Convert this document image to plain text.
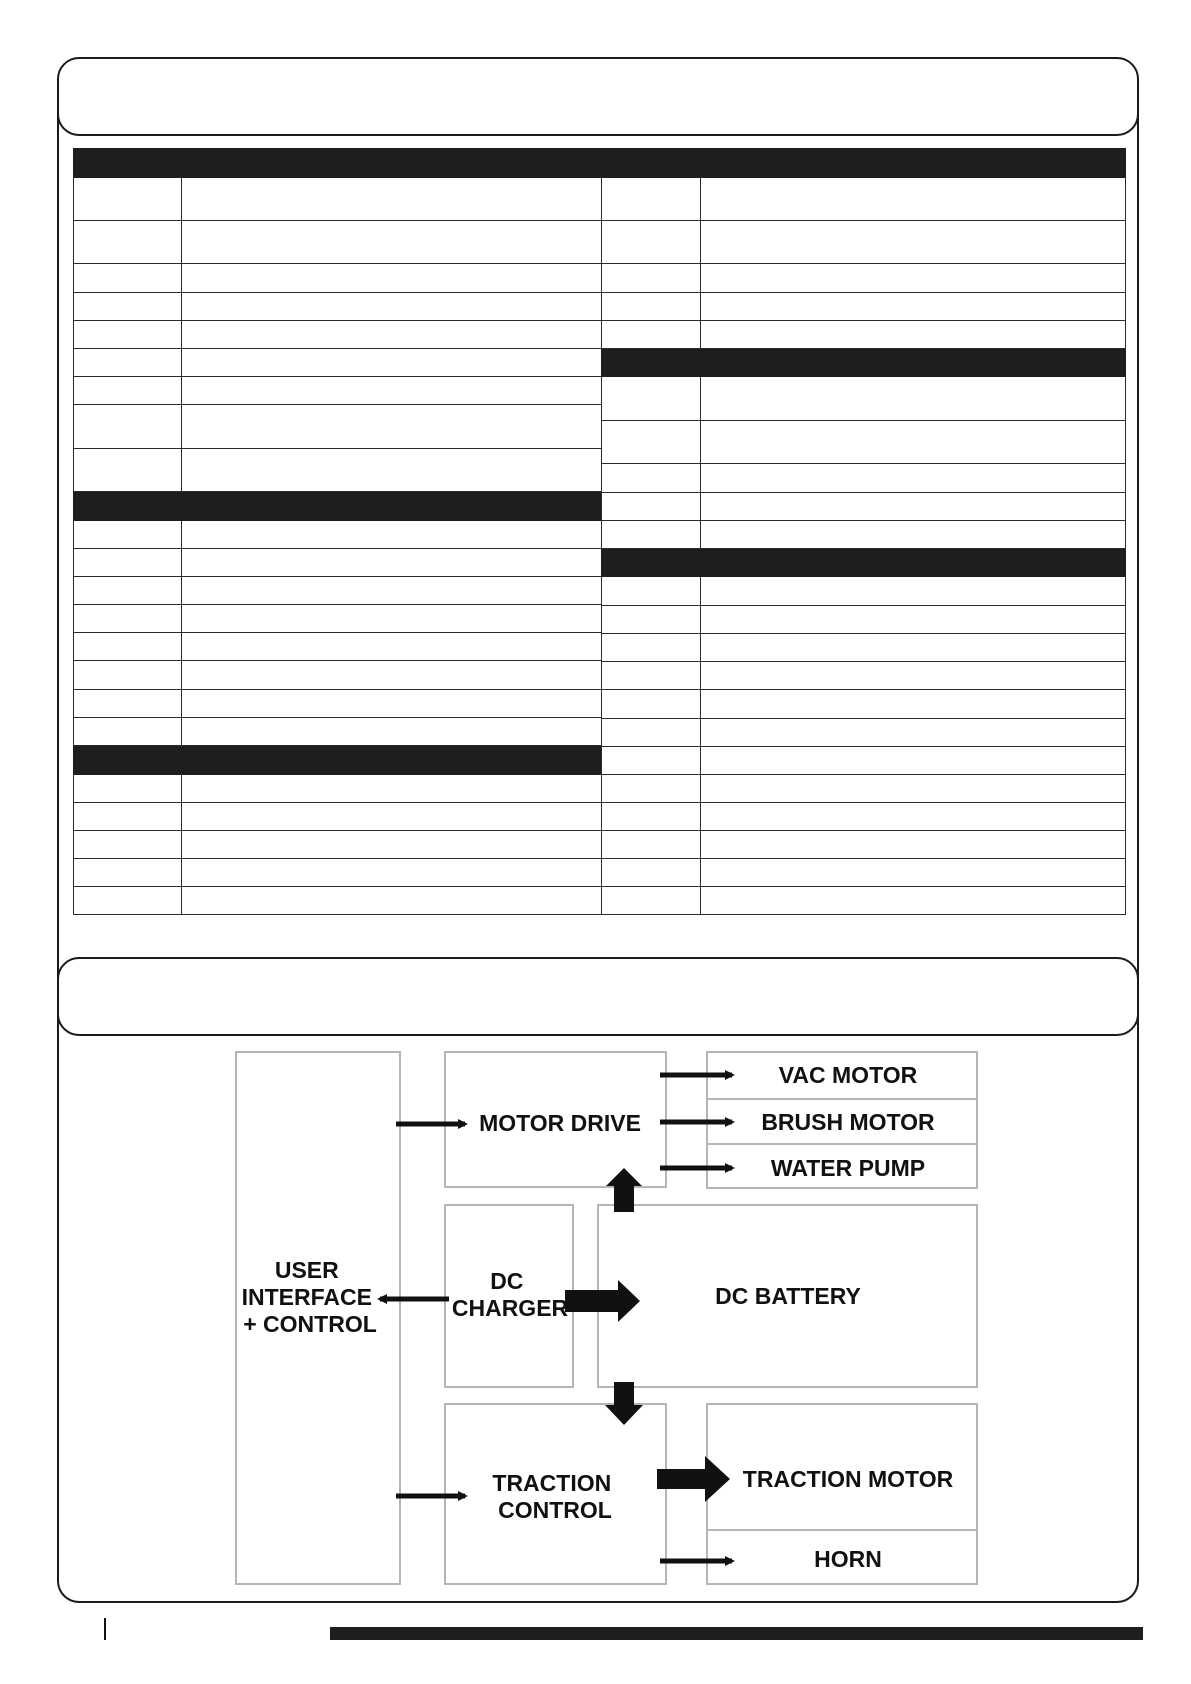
USER INTERFACE + CONTROL
MOTOR DRIVE
VAC MOTOR
BRUSH MOTOR
WATER PUMP
DC CHARGER	DC BATTERY
TRACTION CONTROL
TRACTION MOTOR
HORN
